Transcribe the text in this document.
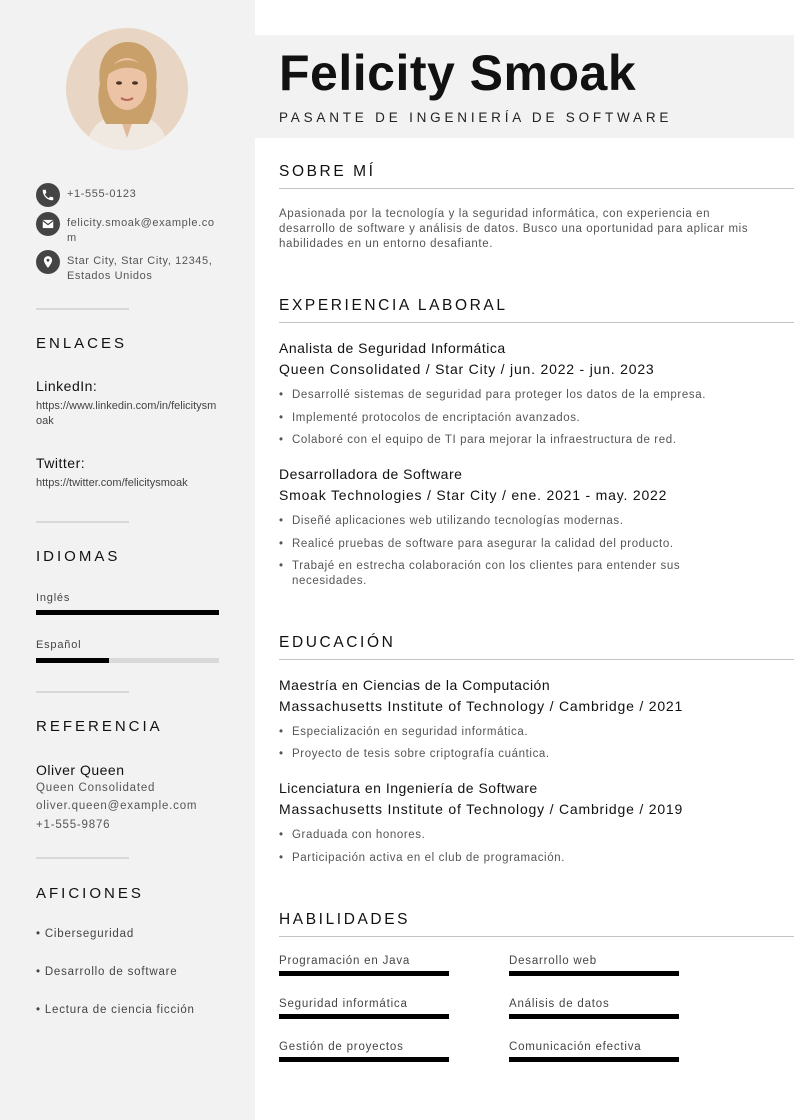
+1-555-0123
felicity.smoak@example.com
Star City, Star City, 12345, Estados Unidos
ENLACES
LinkedIn:
https://www.linkedin.com/in/felicitysmoak
Twitter:
https://twitter.com/felicitysmoak
IDIOMAS
Inglés
Español
REFERENCIA
Oliver Queen
Queen Consolidated
oliver.queen@example.com
+1-555-9876
AFICIONES
• Ciberseguridad
• Desarrollo de software
• Lectura de ciencia ficción
Felicity Smoak
PASANTE DE INGENIERÍA DE SOFTWARE
SOBRE MÍ
Apasionada por la tecnología y la seguridad informática, con experiencia en desarrollo de software y análisis de datos. Busco una oportunidad para aplicar mis habilidades en un entorno desafiante.
EXPERIENCIA LABORAL
Analista de Seguridad Informática
Queen Consolidated / Star City / jun. 2022 - jun. 2023
• Desarrollé sistemas de seguridad para proteger los datos de la empresa.
• Implementé protocolos de encriptación avanzados.
• Colaboré con el equipo de TI para mejorar la infraestructura de red.
Desarrolladora de Software
Smoak Technologies / Star City / ene. 2021 - may. 2022
• Diseñé aplicaciones web utilizando tecnologías modernas.
• Realicé pruebas de software para asegurar la calidad del producto.
• Trabajé en estrecha colaboración con los clientes para entender sus necesidades.
EDUCACIÓN
Maestría en Ciencias de la Computación
Massachusetts Institute of Technology / Cambridge / 2021
• Especialización en seguridad informática.
• Proyecto de tesis sobre criptografía cuántica.
Licenciatura en Ingeniería de Software
Massachusetts Institute of Technology / Cambridge / 2019
• Graduada con honores.
• Participación activa en el club de programación.
HABILIDADES
Programación en Java	Desarrollo web
Seguridad informática	Análisis de datos
Gestión de proyectos	Comunicación efectiva
